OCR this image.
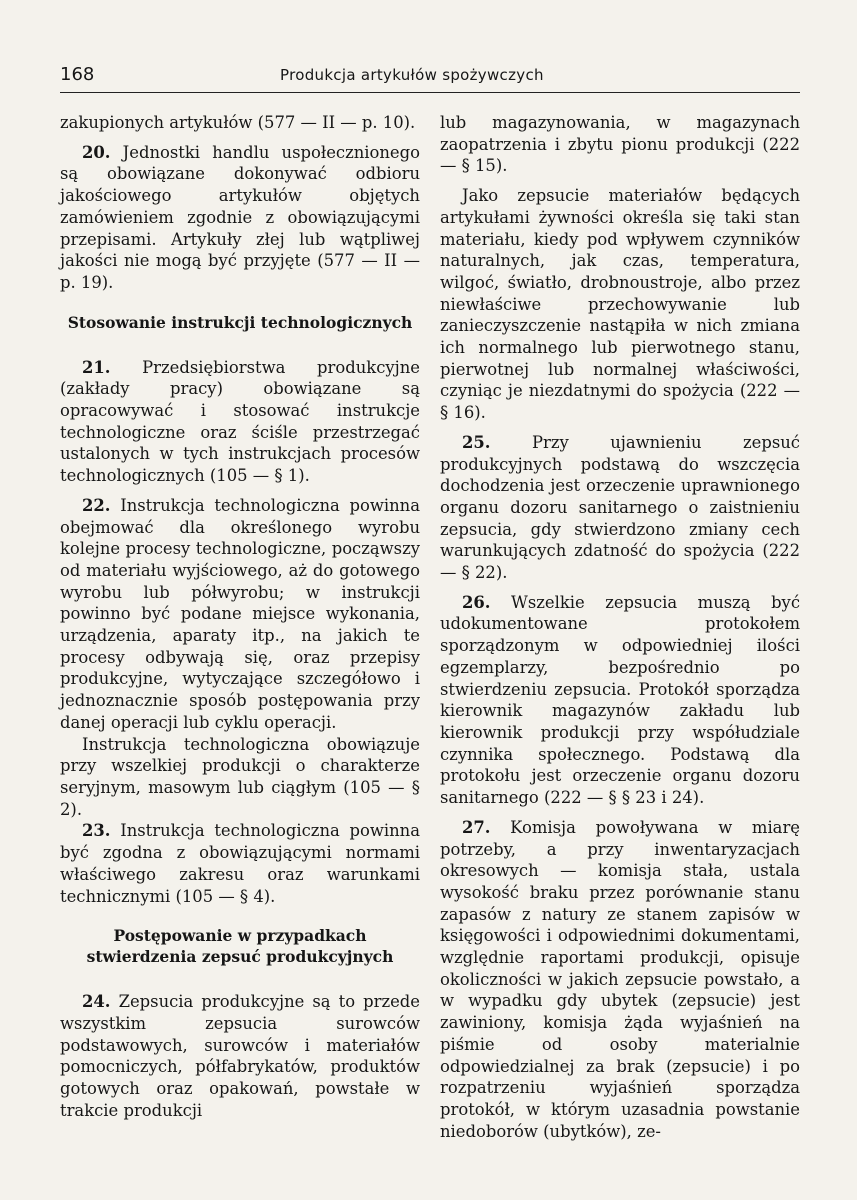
168	Produkcja artykułów spożywczych

zakupionych artykułów (577 — II — p. 10).

20. Jednostki handlu uspołecznionego są obowiązane dokonywać odbioru jakościowego artykułów objętych zamówieniem zgodnie z obowiązującymi przepisami. Artykuły złej lub wątpliwej jakości nie mogą być przyjęte (577 — II — p. 19).

Stosowanie instrukcji technologicznych

21. Przedsiębiorstwa produkcyjne (zakłady pracy) obowiązane są opracowywać i stosować instrukcje technologiczne oraz ściśle przestrzegać ustalonych w tych instrukcjach procesów technologicznych (105 — § 1).

22. Instrukcja technologiczna powinna obejmować dla określonego wyrobu kolejne procesy technologiczne, począwszy od materiału wyjściowego, aż do gotowego wyrobu lub półwyrobu; w instrukcji powinno być podane miejsce wykonania, urządzenia, aparaty itp., na jakich te procesy odbywają się, oraz przepisy produkcyjne, wytyczające szczegółowo i jednoznacznie sposób postępowania przy danej operacji lub cyklu operacji.

Instrukcja technologiczna obowiązuje przy wszelkiej produkcji o charakterze seryjnym, masowym lub ciągłym (105 — § 2).

23. Instrukcja technologiczna powinna być zgodna z obowiązującymi normami właściwego zakresu oraz warunkami technicznymi (105 — § 4).

Postępowanie w przypadkach stwierdzenia zepsuć produkcyjnych

24. Zepsucia produkcyjne są to przede wszystkim zepsucia surowców podstawowych, surowców i materiałów pomocniczych, półfabrykatów, produktów gotowych oraz opakowań, powstałe w trakcie produkcji

lub magazynowania, w magazynach zaopatrzenia i zbytu pionu produkcji (222 — § 15).

Jako zepsucie materiałów będących artykułami żywności określa się taki stan materiału, kiedy pod wpływem czynników naturalnych, jak czas, temperatura, wilgoć, światło, drobnoustroje, albo przez niewłaściwe przechowywanie lub zanieczyszczenie nastąpiła w nich zmiana ich normalnego lub pierwotnego stanu, pierwotnej lub normalnej właściwości, czyniąc je niezdatnymi do spożycia (222 — § 16).

25. Przy ujawnieniu zepsuć produkcyjnych podstawą do wszczęcia dochodzenia jest orzeczenie uprawnionego organu dozoru sanitarnego o zaistnieniu zepsucia, gdy stwierdzono zmiany cech warunkujących zdatność do spożycia (222 — § 22).

26. Wszelkie zepsucia muszą być udokumentowane protokołem sporządzonym w odpowiedniej ilości egzemplarzy, bezpośrednio po stwierdzeniu zepsucia. Protokół sporządza kierownik magazynów zakładu lub kierownik produkcji przy współudziale czynnika społecznego. Podstawą dla protokołu jest orzeczenie organu dozoru sanitarnego (222 — § § 23 i 24).

27. Komisja powoływana w miarę potrzeby, a przy inwentaryzacjach okresowych — komisja stała, ustala wysokość braku przez porównanie stanu zapasów z natury ze stanem zapisów w księgowości i odpowiednimi dokumentami, względnie raportami produkcji, opisuje okoliczności w jakich zepsucie powstało, a w wypadku gdy ubytek (zepsucie) jest zawiniony, komisja żąda wyjaśnień na piśmie od osoby materialnie odpowiedzialnej za brak (zepsucie) i po rozpatrzeniu wyjaśnień sporządza protokół, w którym uzasadnia powstanie niedoborów (ubytków), ze-
